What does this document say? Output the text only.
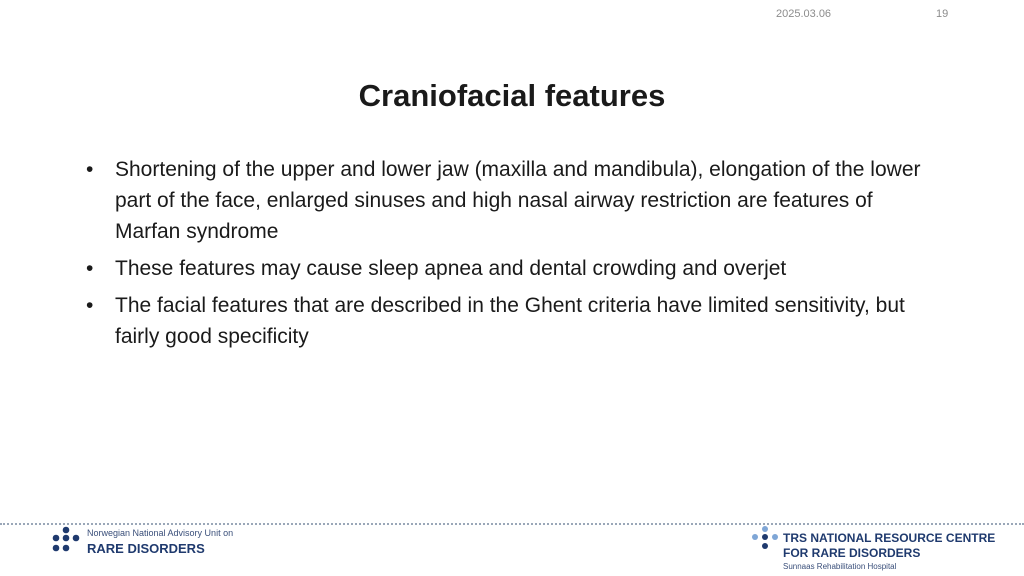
2025.03.06	19
Craniofacial features
• Shortening of the upper and lower jaw (maxilla and mandibula), elongation of the lower part of the face, enlarged sinuses and high nasal airway restriction are features of Marfan syndrome
• These features may cause sleep apnea and dental crowding and overjet
• The facial features that are described in the Ghent criteria have limited sensitivity, but fairly good specificity
Norwegian National Advisory Unit on
RARE DISORDERS
TRS NATIONAL RESOURCE CENTRE
FOR RARE DISORDERS
Sunnaas Rehabilitation Hospital
